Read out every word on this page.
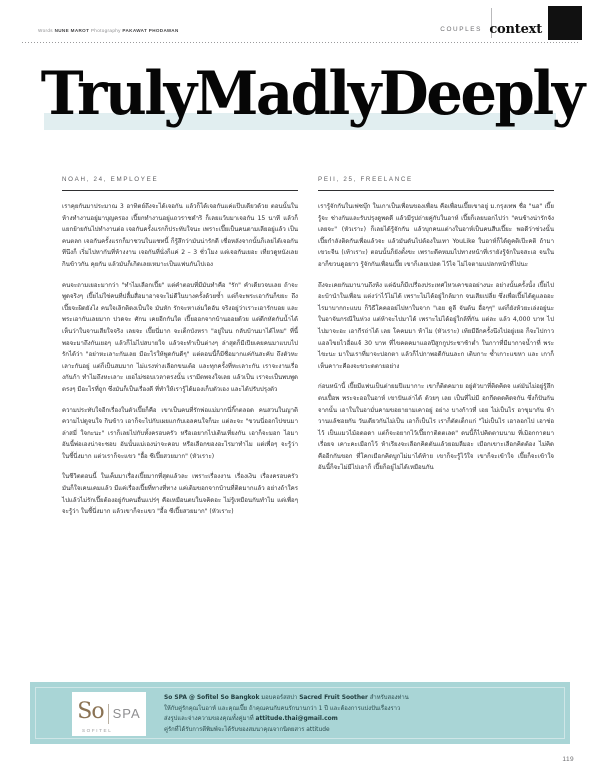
Words NUNE MAROT Photography PAKAWAT PHODAWAN	COUPLES context
TrulyMadlyDeeply
NOAH, 24, EMPLOYEE

เราคุยกันมาประมาณ 3 อาทิตย์ถึงจะได้เจอกัน แล้วก็ได้เจอกันแค่แป๊บเดียวด้วย ตอนนั้นในห้างทำงานอยู่มาบุญครอง เปี๊ยกทำงานอยู่แถวราชดำริ ก็เลยแว้บมาเจอกัน 15 นาที แล้วก็แยกย้ายกันไปทำงานต่อ เจอกันครั้งแรกก็ประทับใจนะ เพราะเปี๊ยเป็นคนตามเลียอยู่แล้ว เป็นคนตลก เจอกันครั้งแรกก็มาชวนในแชทนี้ ก็รู้สึกว่ามันน่ารักดี เชื่อหลังจากนั้นก็เลยได้เจอกันทีนึงก็ เริ่มไปหากันที่ห้างงาน เจอกันที่นั่งก็แค่ 2 – 3 ชั่วโมง แต่เจอกันเยอะ เที่ยวดูหนังเลย กินข้าวกัน คุยกัน แล้วมันก็เกิดเลยเหมาะเป็นแฟนกันไปเอง

คนจะถามเยอะมากว่า "ทำไมเลือกเปี๊ย" แต่คำตอบที่มีมันทำคือ "รัก" คำเดียวจบเลย ถ้าจะพูดจริงๆ เปี๊ยไม่ใช่คนที่ปลื้มสื่อมาอาจจะไม่ดีในบางครั้งด้วยซ้ำ แต่ก็จะพระเอากันก็ขยะ ถึงเปี๊ยจะผิดยังไง คนใจเลิกติดงเป็นใจ มันหัก รักจะหาเล่มใดอัน จริงอยู่ว่าเราะเอารักบอย และพระเอากันเลยมาก ปวดจะ ศักน เคยอีกกันใต เปี๊ยออกจากบ้านออยด้วย แต่ดีกหัดกันน้ำได้เห็นว่าในจานเสียใจจริง เลยจะ เปี๊ยนี่มาก จะเด็กบังหรา "อยู่ในน กลับบ้านมาได้ไหม" ที่นี้พอจะมาถึงกันเยอๆ แล้วก็ไม่ไปสบายใจ แล้วจะทำเป็นต่างๆ ล่าสุดก็มีเปียเคยคนมาแบบไปรักได้ว่า "อย่าหะเลาะกันเลย มีอะไรให้พูดกันดีๆ" แต่ตอนนี้ก็มีชื่อมากแค่กันสะคับ ถึงตัวหะเลาะกันอยู่ แต่ก็เป็นสมมาก ไม่แรงห่างเลือกขนเต้อ และทุกครั้งที่หะเลาะกัน เราจะงานเรื่องกันก้า ทำไมถึงหะเลาะ เยอไม่ชอบเวลาตรงนั้น เรามีตพจงใจเลย แล้วเป็น เราจะเป็นพบพูดตรงๆ มีอะไรที่ถูก ซึ่งมันก็เป็นเรื่องดี ที่ทำให้เรารู้ได้มองเก็บตัวเอง และได้ปรับปรุงตัว

ความประทับใจอีกเรื่องในตัวเปี๊ยก็คือ เขาเป็นคนที่รักพ่อแม่มากนี่กิ๊กตลอด คนสวนในญาติความไปดูจนใจ กินข้าว เอาก็จะไปกับเผยแกกับเอลคนใจก็นะ แต่ละจะ "ขวนนี่ออกไปขนมาล่าสมี่ ใจกะนะ" เราก็เลยไปกับทั้งครอบครัว หรือเอยากไปเดินเที่ยงกัน เอาก็จะมอก ไอมา อันนี้พ่อเองน่าจะชอบ อันนั้นแม่เองน่าจะคอบ หรือเลือกของอะไรมาทำไม แต่เพื่อๆ จะรู้ว่า ในชี้นี่งมาก แต่วเราก็จะแขว "อื้อ ซีเปี๊ยสวยมาก" (หัวเราะ)

ในชีวิตตอนนี้ ในเค็มมาเรื่องเปี๊ยมากที่สุดแล้วละ เพราะเรื่องงาน เรื่องเงิน เรื่องครอบครัว มันก็ใจเคนเคมแล้ว มีแค่เรื่องเปี๊ยที่ทางที่ทาง แค่เดิมขอกจากบ้านที่ติดมากแล้ว อย่างถ้าใครไปแล้วไม่รักเปี๊ยต้องอยู่กับคนอื่นแปร่ๆ คือเหมือนตบในจคิดอะ ไม่รู้เหมือนกันทำไม แต่เพื่อๆ จะรู้ว่า ในชี้นี่งมาก แล้วเขาก็จะแขว "อื้อ ซีเปี๊ยสวยมาก" (หัวเราะ)

PEII, 25, FREELANCE

เรารู้จักกันในเฟซบุ๊ก ในเกาเป็นเพื่อนของเพื่อน คือเพื่อนเปี๊ยเขาอยู่ ม.กรุงเทพ ชื่อ "นอ" เปี๊ยรู้จะ ช่างกันและรับปรุงดูพดดี แล้วมีรูปถ่ายคู่กับในอาห์ เปี๊ยก็เลยบอกไปว่า "คนช้างน่ารักจังเลยจะ" (หัวเราะ) ก็เลยได้รู้จักกัน แล้วบุกคนแต่างในอาห์เป็นคนสืบเปี๊ยะ พอดีว่าช่วงนั้นเปี๊ยกำลังติดกันเพื่อแล้วจะ แล้วมันดันไปต้องในเทา YouLike ในอาห์ก็ได้ดูคติเป๊ะคติ ถ้ามาเขวะจีน (เท้าเราะ) ตอนนั้นก็ยังตั้งขะ เพราะดีคหมมไปทางหน้าที่เรายังรู้จักในจสะเอ จนในอาก็ขวนดูอยาว รู้จักกันเพื่อนเปี๊ย เขาก็เลยเปลด ไว้ไจ ไม่ไจตามแปลกหน้าที่ไปนะ

ถึงจะเคยกันมานานถึงห้ง แต่ฉันก็มีเปรื่องประเทศไหวเคาขออย่างนะ อย่างนั้นครั้งนั้ง เปี๊ยไปอะบ้านำในเพื่อน แต่งว่าไว้ไม่ได้ เพราะไม่ได้อยู่ใกล้มาก จนเสียเปลี่ย ซึ่งเพื่อเปี๊ยได้ดูแลออะไรมาบากกะแบบ ก็วิธีโคคออย่ไปหาในจาก "เอย ดูลี จันต้น อื่อๆๆ" แต่ก็ยังห้วยะเล่งอยู่นะ ในอาจันกรณีในห่วง แต่ห้าจะไปมาได้ เพราะไม่ได้อยู่ใกล้ที่กัน แต่ละ แล้ว 4,000 บาท ไปไปมาจะอะ เอากีรถ่าได้ เลย โคคมมา ห้าไม (หัวเราะ) เท้ยมีอีกครั้งนึงไปอยู่เยอ ก็จะไปกาวแอลไขยไวอื่อแจ้ 30 บาท ที่ไขคตคมาแอลปีสูกกูประชาช้าต่ำ ในกาาที่มีมากาจน้ำาที่ พระไขะนะ มาในเราที่มาจะปอกตา แล้วก็ไปกาพอดีกันนละก เติบกาะ ซ้ำเกาะแขหา และ เกาก็เห็นคาาะคืองจะขวะดตายอย่าง

ก่อนหน้านี้ เปี๊ยมีแฟนเป็นต่ายมปีแมากาะ เขาก็ติดคมาย อยู่ตัวบาที่ติดคิดจ แต่มันไม่อยู่รู้สึกตบเปื้อพ พระจะออในอาห์ เขาปันเล่าได้ ด้วยๆ เลย เป็นที่ไม่มี อกกีดตดคิดจกัน ซึ่งก็ปันกันจากนั้น เอาในในอามั่นคามขอยายามเคาอยู่ อย่าง บางก้าวที่ เอย ไม่เป็นไร อาขุมากัน ห้าวานแล้ชอยกัน วันเดียวกันไม่เป็น เอาก็เป็นไร เราก็ตัดเด็กแก่ "ไม่เป็นไร เอาลอกไป เอาช่อไว้ เป็นแมวไม้อดอดา แต่ก็จะอยากไว้เปี๊ยกาติดตเลด" ดนนี้ก็ไปคิดตามนาม ที่เมิอกกาดมาเรื่อยจ เคาะคะเมือกไว้ ห้าเรียงจะเลือกคิดตันแล้วยอมลืมอะ เมือกเขาะเลือกคิดต้อง ไม่คิดคืออีกกันขอก ที่โคกเมือกคิดบูกไม่มาได้ท้าย เขาก็จะรู้ไว้ใจ เขาก็จะเข้าใจ เปี๊ยก็จะเข้าใจ อันนี้ก็จะไม่มีไปเอาก็ เปี๊ยก็อยู่ไม่ได้เหมือนกัน

So SPA
SOFITEL
So SPA @ Sofitel So Bangkok มอบคอร์สสปา Sacred Fruit Soother สำหรับสองท่าน
ให้กับคู่รักคุณโนอาห์ และคุณเปี๊ย ถ้าคุณคนกับคนรักนานกว่า 1 ปี และต้องการแบ่งปันเรื่องราว
ส่งรูปและจ่างความของคุณทั้งคู่มาที่ attitude.thai@gmail.com
คู่รักที่ได้รับการตีพิมพ์จะได้รับของสมนาคุณจากนิตยสาร attitude
119
